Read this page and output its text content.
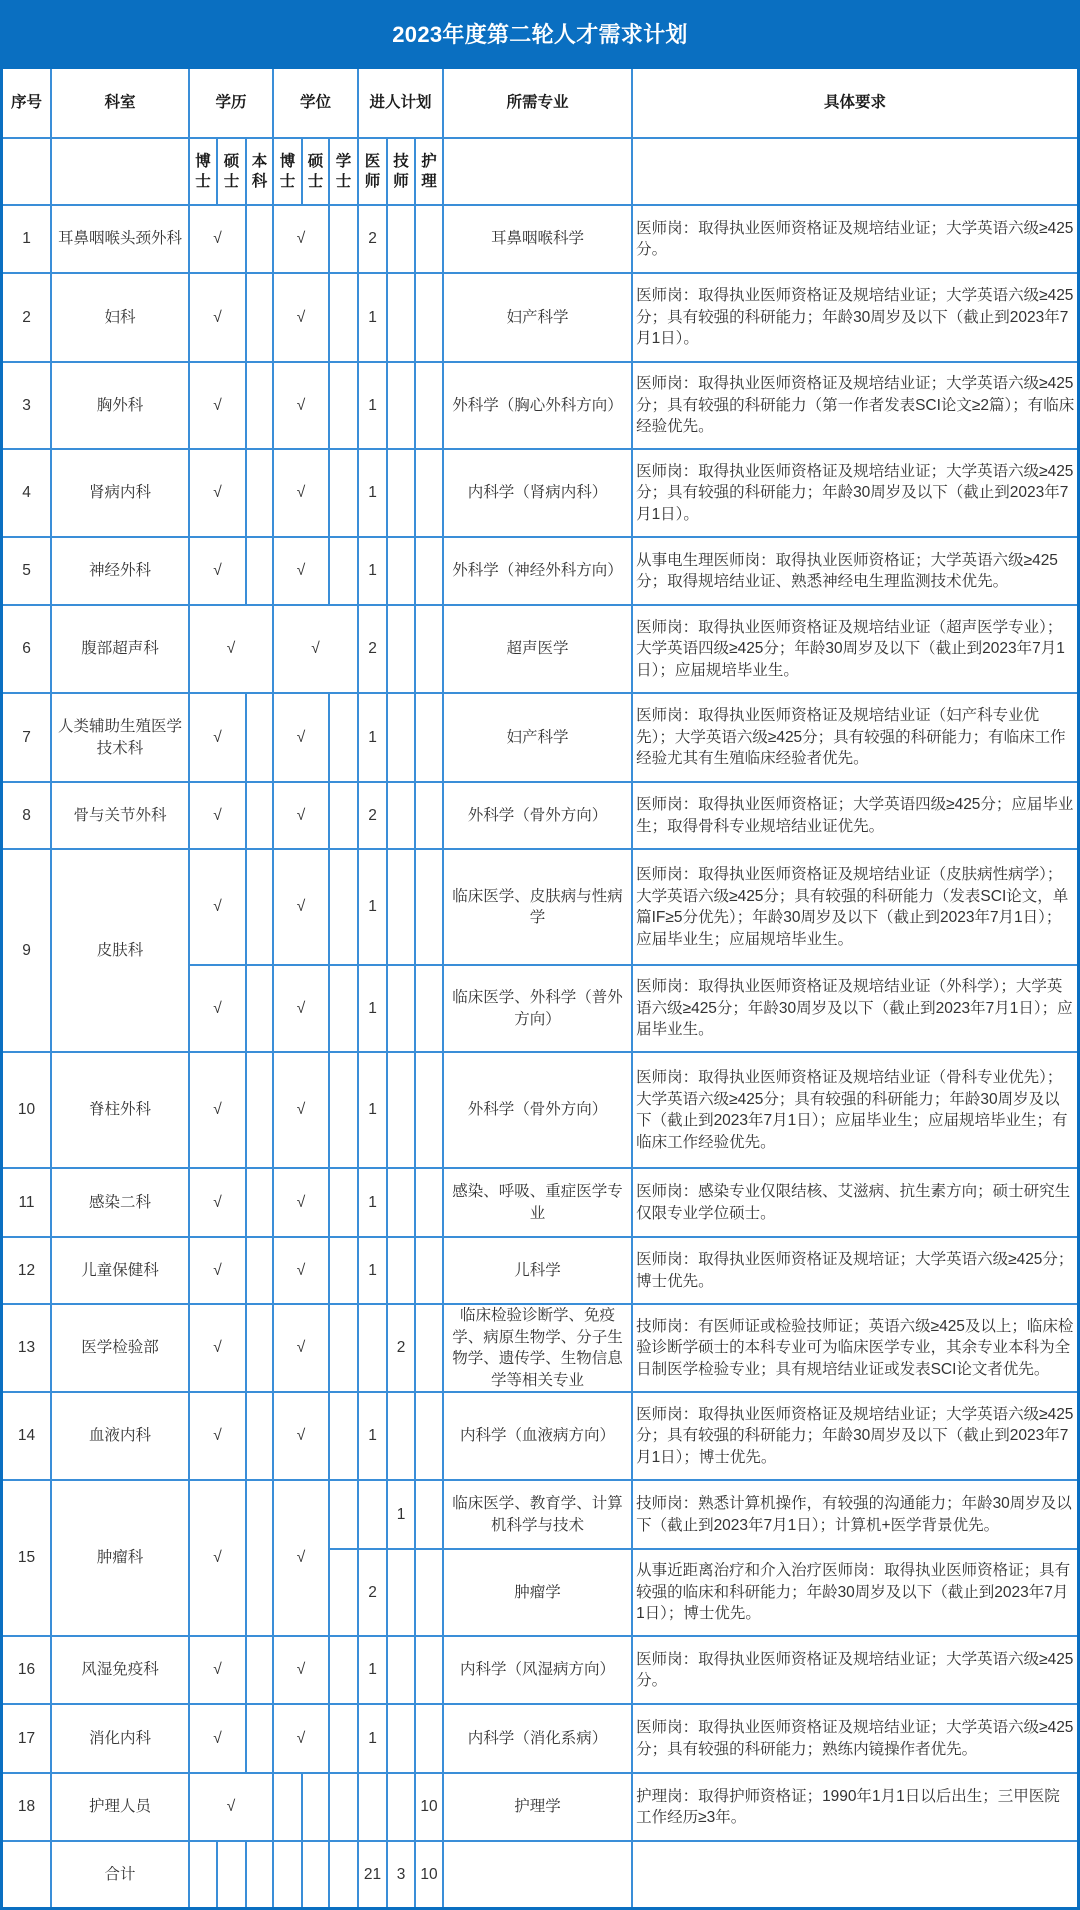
2023年度第二轮人才需求计划
序号	科室	学历			学位			进人计划			所需专业	具体要求
		博士	硕士	本科	博士	硕士	学士	医师	技师	护理		
1	耳鼻咽喉头颈外科	√			√			2			耳鼻咽喉科学	医师岗：取得执业医师资格证及规培结业证；大学英语六级≥425分。
2	妇科	√			√			1			妇产科学	医师岗：取得执业医师资格证及规培结业证；大学英语六级≥425分；具有较强的科研能力；年龄30周岁及以下（截止到2023年7月1日）。
3	胸外科	√			√			1			外科学（胸心外科方向）	医师岗：取得执业医师资格证及规培结业证；大学英语六级≥425分；具有较强的科研能力（第一作者发表SCI论文≥2篇）；有临床经验优先。
4	肾病内科	√			√			1			内科学（肾病内科）	医师岗：取得执业医师资格证及规培结业证；大学英语六级≥425分；具有较强的科研能力；年龄30周岁及以下（截止到2023年7月1日）。
5	神经外科	√			√			1			外科学（神经外科方向）	从事电生理医师岗：取得执业医师资格证；大学英语六级≥425分；取得规培结业证、熟悉神经电生理监测技术优先。
6	腹部超声科	√			√			2			超声医学	医师岗：取得执业医师资格证及规培结业证（超声医学专业）；大学英语四级≥425分；年龄30周岁及以下（截止到2023年7月1日）；应届规培毕业生。
7	人类辅助生殖医学技术科	√			√			1			妇产科学	医师岗：取得执业医师资格证及规培结业证（妇产科专业优先）；大学英语六级≥425分；具有较强的科研能力；有临床工作经验尤其有生殖临床经验者优先。
8	骨与关节外科	√			√			2			外科学（骨外方向）	医师岗：取得执业医师资格证；大学英语四级≥425分；应届毕业生；取得骨科专业规培结业证优先。
9	皮肤科	√			√			1			临床医学、皮肤病与性病学	医师岗：取得执业医师资格证及规培结业证（皮肤病性病学）；大学英语六级≥425分；具有较强的科研能力（发表SCI论文，单篇IF≥5分优先）；年龄30周岁及以下（截止到2023年7月1日）；应届毕业生；应届规培毕业生。
		√			√			1			临床医学、外科学（普外方向）	医师岗：取得执业医师资格证及规培结业证（外科学）；大学英语六级≥425分；年龄30周岁及以下（截止到2023年7月1日）；应届毕业生。
10	脊柱外科	√			√			1			外科学（骨外方向）	医师岗：取得执业医师资格证及规培结业证（骨科专业优先）；大学英语六级≥425分；具有较强的科研能力；年龄30周岁及以下（截止到2023年7月1日）；应届毕业生；应届规培毕业生；有临床工作经验优先。
11	感染二科	√			√			1			感染、呼吸、重症医学专业	医师岗：感染专业仅限结核、艾滋病、抗生素方向；硕士研究生仅限专业学位硕士。
12	儿童保健科	√			√			1			儿科学	医师岗：取得执业医师资格证及规培证；大学英语六级≥425分；博士优先。
13	医学检验部	√			√				2		临床检验诊断学、免疫学、病原生物学、分子生物学、遗传学、生物信息学等相关专业	技师岗：有医师证或检验技师证；英语六级≥425及以上；临床检验诊断学硕士的本科专业可为临床医学专业，其余专业本科为全日制医学检验专业；具有规培结业证或发表SCI论文者优先。
14	血液内科	√			√			1			内科学（血液病方向）	医师岗：取得执业医师资格证及规培结业证；大学英语六级≥425分；具有较强的科研能力；年龄30周岁及以下（截止到2023年7月1日）；博士优先。
15	肿瘤科	√			√				1		临床医学、教育学、计算机科学与技术	技师岗：熟悉计算机操作，有较强的沟通能力；年龄30周岁及以下（截止到2023年7月1日）；计算机+医学背景优先。
								2			肿瘤学	从事近距离治疗和介入治疗医师岗：取得执业医师资格证；具有较强的临床和科研能力；年龄30周岁及以下（截止到2023年7月1日）；博士优先。
16	风湿免疫科	√			√			1			内科学（风湿病方向）	医师岗：取得执业医师资格证及规培结业证；大学英语六级≥425分。
17	消化内科	√			√			1			内科学（消化系病）	医师岗：取得执业医师资格证及规培结业证；大学英语六级≥425分；具有较强的科研能力；熟练内镜操作者优先。
18	护理人员	√								10	护理学	护理岗：取得护师资格证；1990年1月1日以后出生；三甲医院工作经历≥3年。
	合计							21	3	10		
